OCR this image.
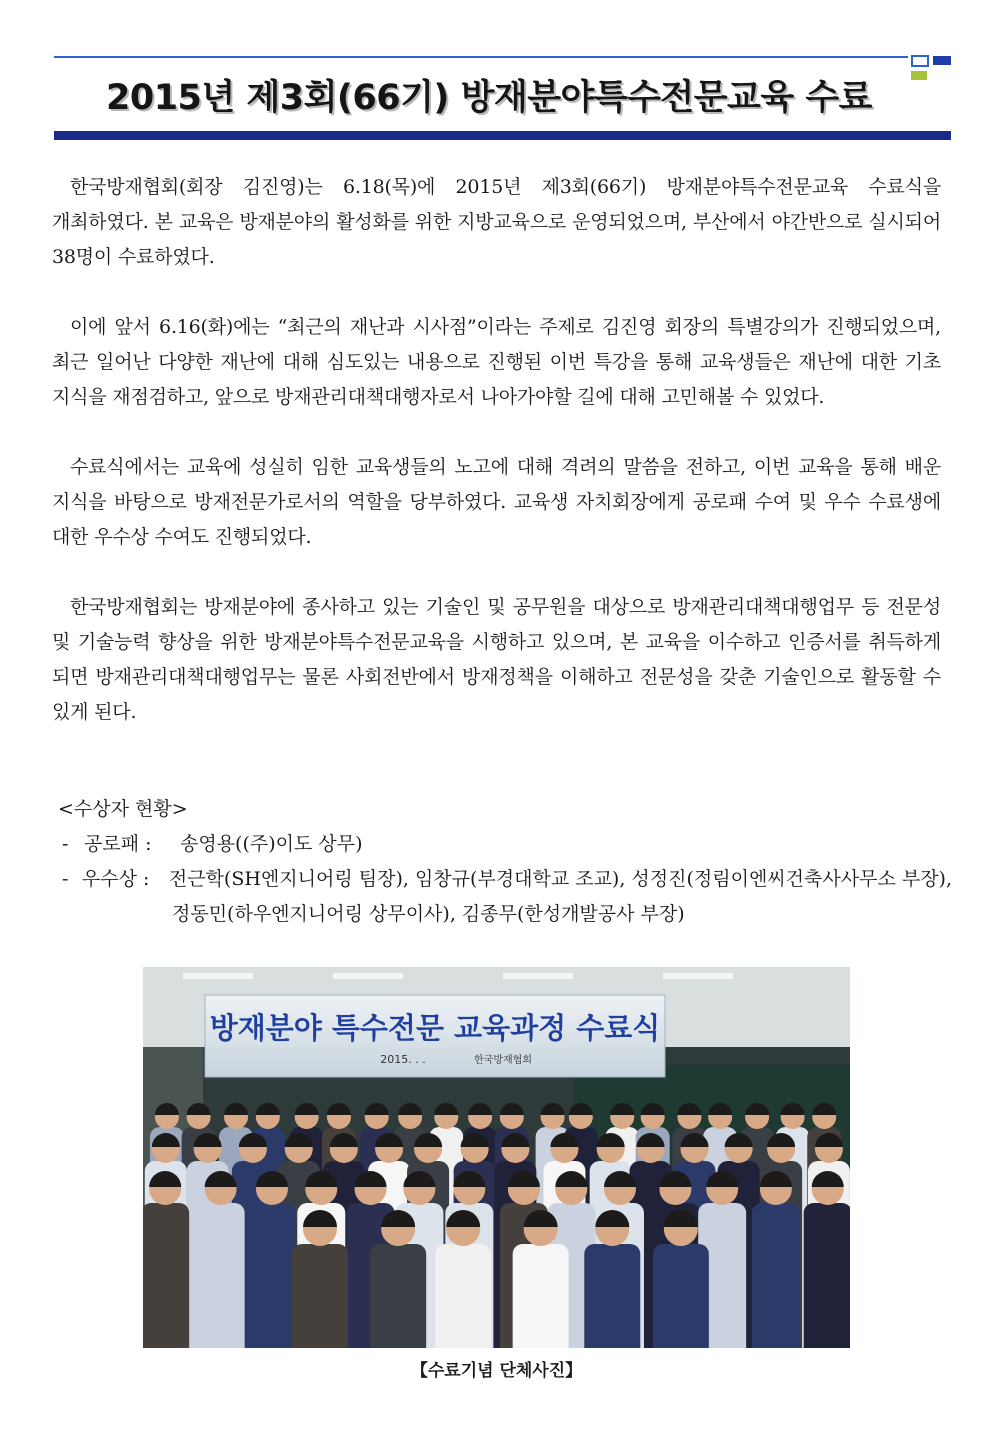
2015년 제3회(66기) 방재분야특수전문교육 수료

한국방재협회(회장 김진영)는 6.18(목)에 2015년 제3회(66기) 방재분야특수전문교육 수료식을 개최하였다. 본 교육은 방재분야의 활성화를 위한 지방교육으로 운영되었으며, 부산에서 야간반으로 실시되어 38명이 수료하였다.

이에 앞서 6.16(화)에는 “최근의 재난과 시사점”이라는 주제로 김진영 회장의 특별강의가 진행되었으며, 최근 일어난 다양한 재난에 대해 심도있는 내용으로 진행된 이번 특강을 통해 교육생들은 재난에 대한 기초 지식을 재점검하고, 앞으로 방재관리대책대행자로서 나아가야할 길에 대해 고민해볼 수 있었다.

수료식에서는 교육에 성실히 임한 교육생들의 노고에 대해 격려의 말씀을 전하고, 이번 교육을 통해 배운 지식을 바탕으로 방재전문가로서의 역할을 당부하였다. 교육생 자치회장에게 공로패 수여 및 우수 수료생에 대한 우수상 수여도 진행되었다.

한국방재협회는 방재분야에 종사하고 있는 기술인 및 공무원을 대상으로 방재관리대책대행업무 등 전문성 및 기술능력 향상을 위한 방재분야특수전문교육을 시행하고 있으며, 본 교육을 이수하고 인증서를 취득하게 되면 방재관리대책대행업무는 물론 사회전반에서 방재정책을 이해하고 전문성을 갖춘 기술인으로 활동할 수 있게 된다.

<수상자 현황>
- 공로패 :	송영용((주)이도 상무)
- 우수상 :	전근학(SH엔지니어링 팀장), 임창규(부경대학교 조교), 성정진(정림이엔씨건축사사무소 부장),
정동민(하우엔지니어링 상무이사), 김종무(한성개발공사 부장)
방재분야 특수전문 교육과정 수료식
2015. . .	한국방재협회

【수료기념 단체사진】
